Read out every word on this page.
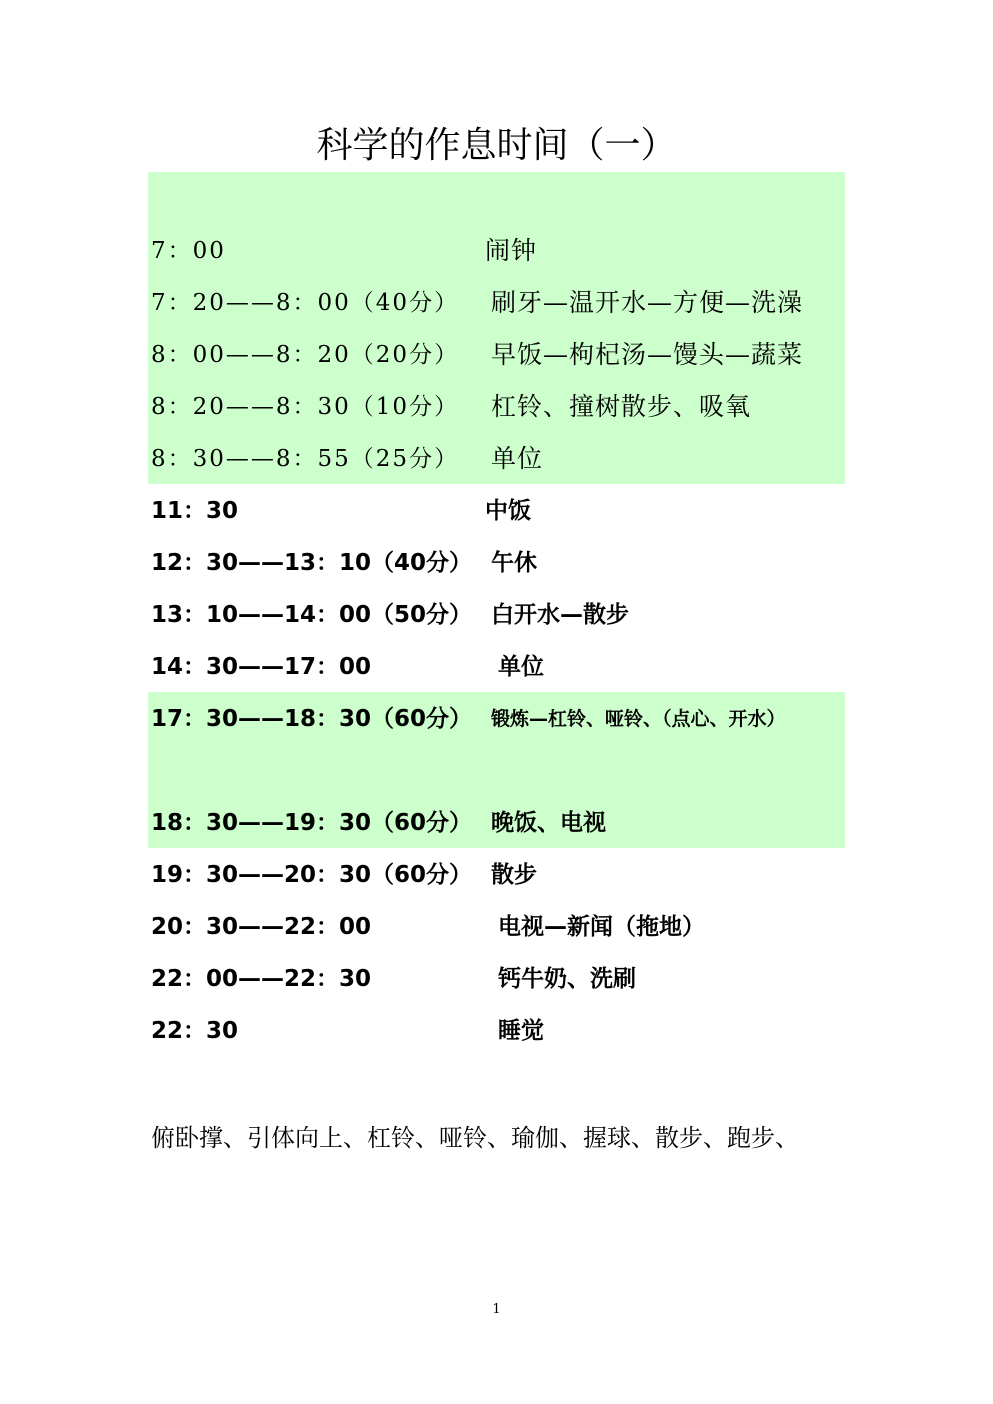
科学的作息时间（一）
7：00	闹钟
7：20——8：00（40分） 刷牙—温开水—方便—洗澡
8：00——8：20（20分） 早饭—枸杞汤—馒头—蔬菜
8：20——8：30（10分） 杠铃、撞树散步、吸氧
8：30——8：55（25分） 单位
11：30	中饭
12：30——13：10（40分） 午休
13：10——14：00（50分） 白开水—散步
14：30——17：00	单位
17：30——18：30（60分） 锻炼—杠铃、哑铃、（点心、开水）
18：30——19：30（60分） 晚饭、电视
19：30——20：30（60分） 散步
20：30——22：00	电视—新闻（拖地）
22：00——22：30	钙牛奶、洗刷
22：30	睡觉
俯卧撑、引体向上、杠铃、哑铃、瑜伽、握球、散步、跑步、
1
